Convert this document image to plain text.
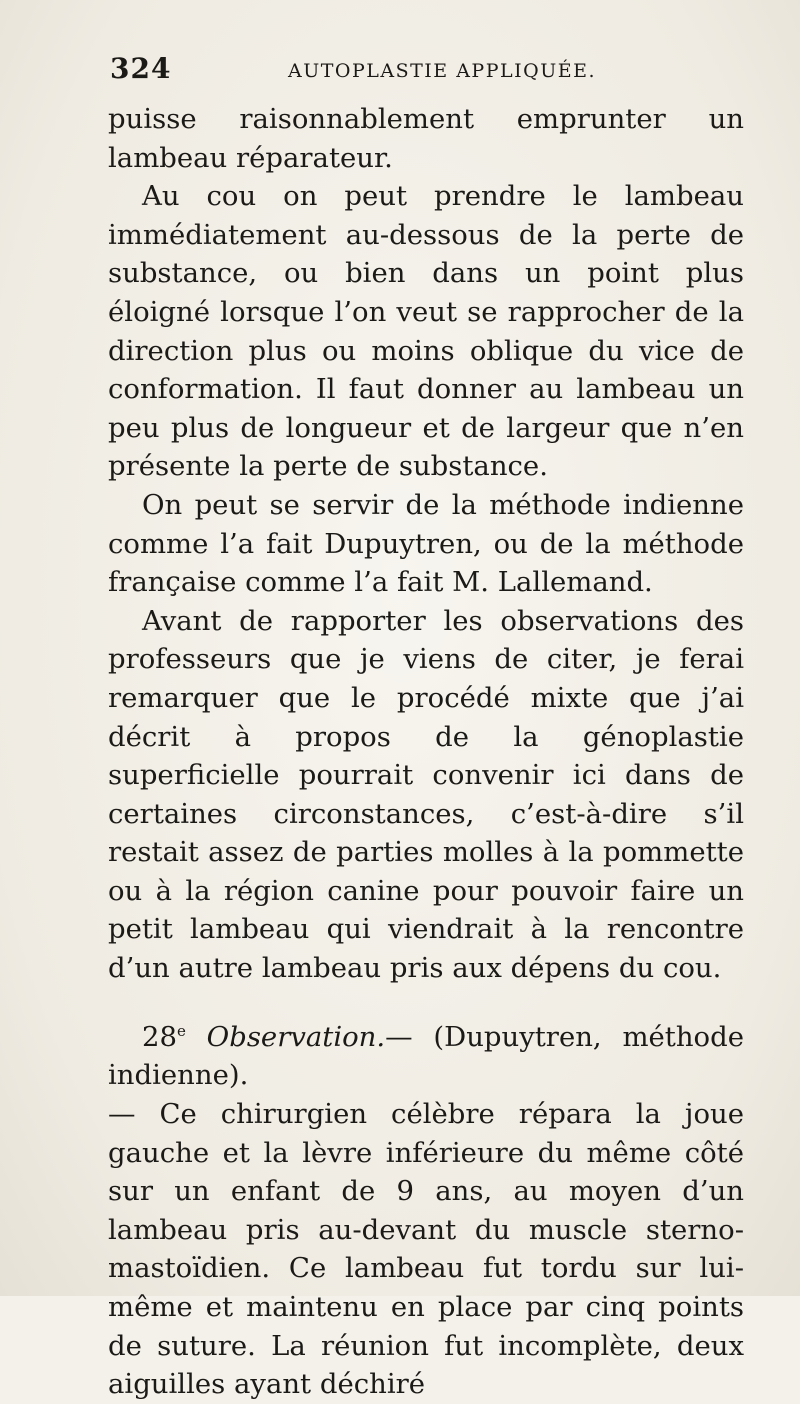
324	AUTOPLASTIE APPLIQUÉE.

puisse raisonnablement emprunter un lambeau réparateur.

Au cou on peut prendre le lambeau immédiatement au-dessous de la perte de substance, ou bien dans un point plus éloigné lorsque l’on veut se rapprocher de la direction plus ou moins oblique du vice de conformation. Il faut donner au lambeau un peu plus de longueur et de largeur que n’en présente la perte de substance.

On peut se servir de la méthode indienne comme l’a fait Dupuytren, ou de la méthode française comme l’a fait M. Lallemand.

Avant de rapporter les observations des professeurs que je viens de citer, je ferai remarquer que le procédé mixte que j’ai décrit à propos de la génoplastie superficielle pourrait convenir ici dans de certaines circonstances, c’est-à-dire s’il restait assez de parties molles à la pommette ou à la région canine pour pouvoir faire un petit lambeau qui viendrait à la rencontre d’un autre lambeau pris aux dépens du cou.

28e Observation.— (Dupuytren, méthode indienne).

— Ce chirurgien célèbre répara la joue gauche et la lèvre inférieure du même côté sur un enfant de 9 ans, au moyen d’un lambeau pris au-devant du muscle sterno-mastoïdien. Ce lambeau fut tordu sur lui-même et maintenu en place par cinq points de suture. La réunion fut incomplète, deux aiguilles ayant déchiré
